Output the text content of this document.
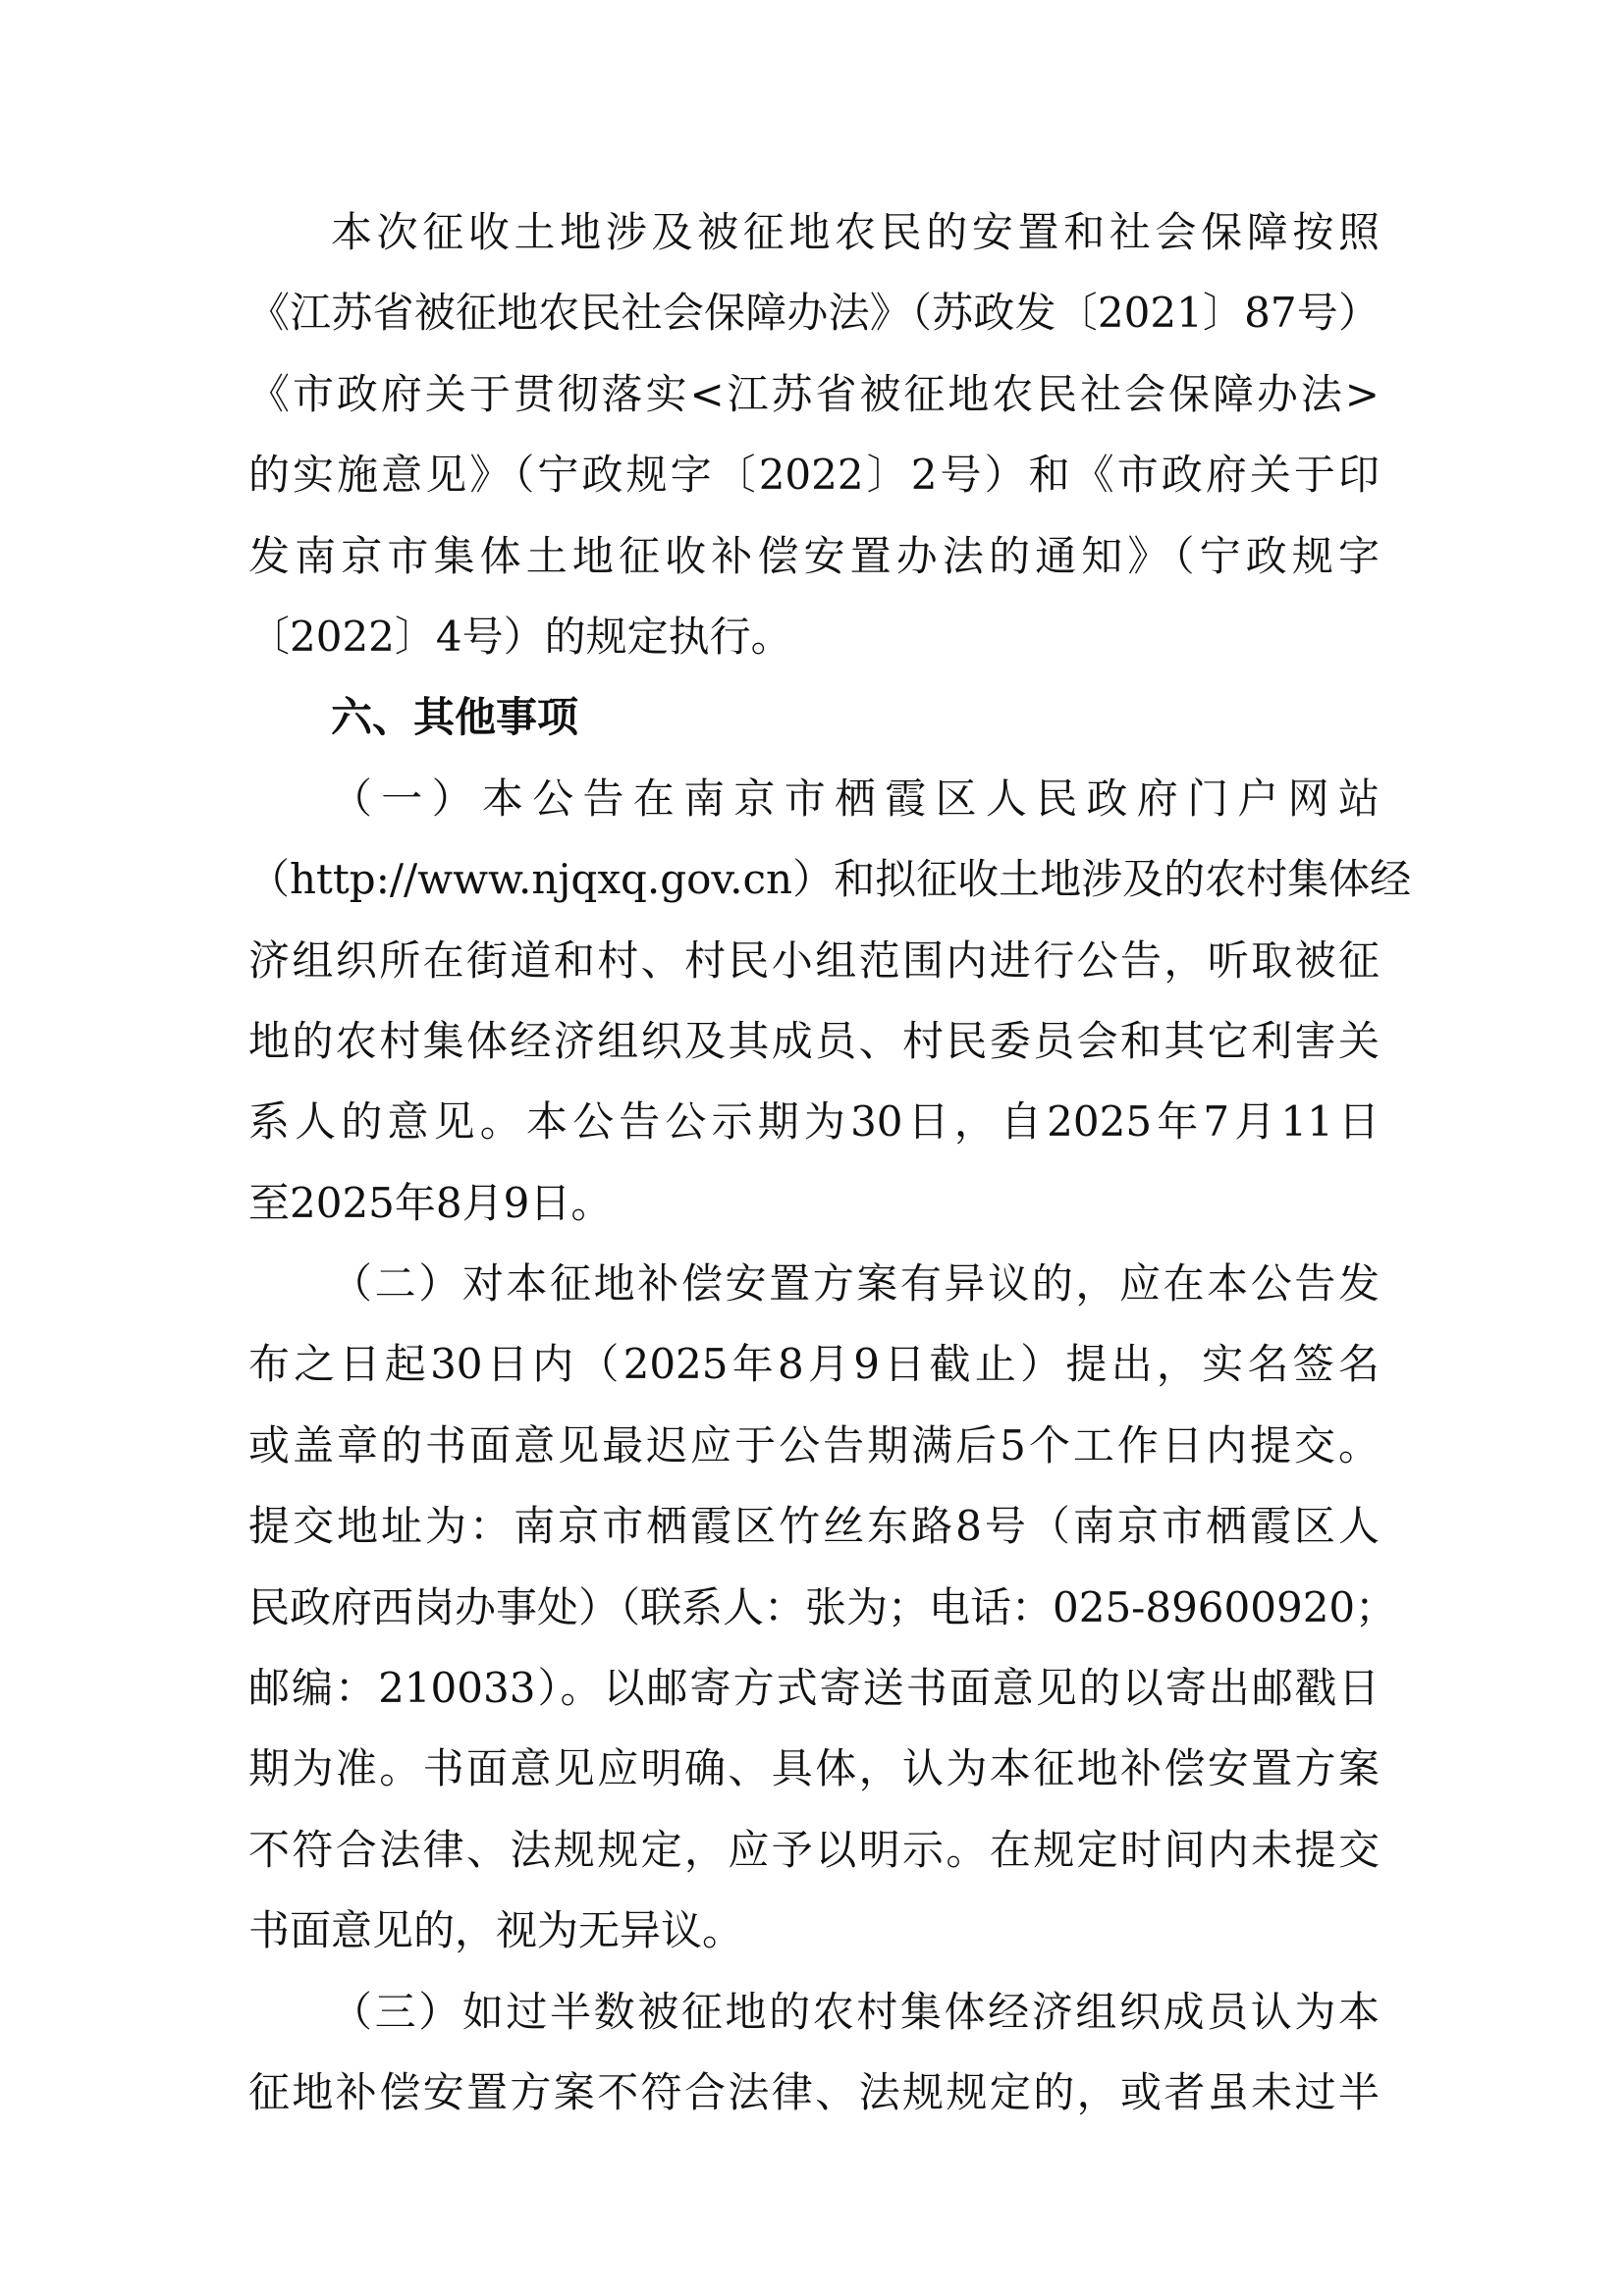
本次征收土地涉及被征地农民的安置和社会保障按照
《江苏省被征地农民社会保障办法》（苏政发〔2021〕87号）
《市政府关于贯彻落实<江苏省被征地农民社会保障办法>
的实施意见》（宁政规字〔2022〕2号）和《市政府关于印
发南京市集体土地征收补偿安置办法的通知》（宁政规字
〔2022〕4号）的规定执行。
六、其他事项
（一）本公告在南京市栖霞区人民政府门户网站
（http://www.njqxq.gov.cn）和拟征收土地涉及的农村集体经
济组织所在街道和村、村民小组范围内进行公告，听取被征
地的农村集体经济组织及其成员、村民委员会和其它利害关
系人的意见。本公告公示期为30日，自2025年7月11日
至2025年8月9日。
（二）对本征地补偿安置方案有异议的，应在本公告发
布之日起30日内（2025年8月9日截止）提出，实名签名
或盖章的书面意见最迟应于公告期满后5个工作日内提交。
提交地址为：南京市栖霞区竹丝东路8号（南京市栖霞区人
民政府西岗办事处）（联系人：张为；电话：025-89600920；
邮编：210033）。以邮寄方式寄送书面意见的以寄出邮戳日
期为准。书面意见应明确、具体，认为本征地补偿安置方案
不符合法律、法规规定，应予以明示。在规定时间内未提交
书面意见的，视为无异议。
（三）如过半数被征地的农村集体经济组织成员认为本
征地补偿安置方案不符合法律、法规规定的，或者虽未过半
